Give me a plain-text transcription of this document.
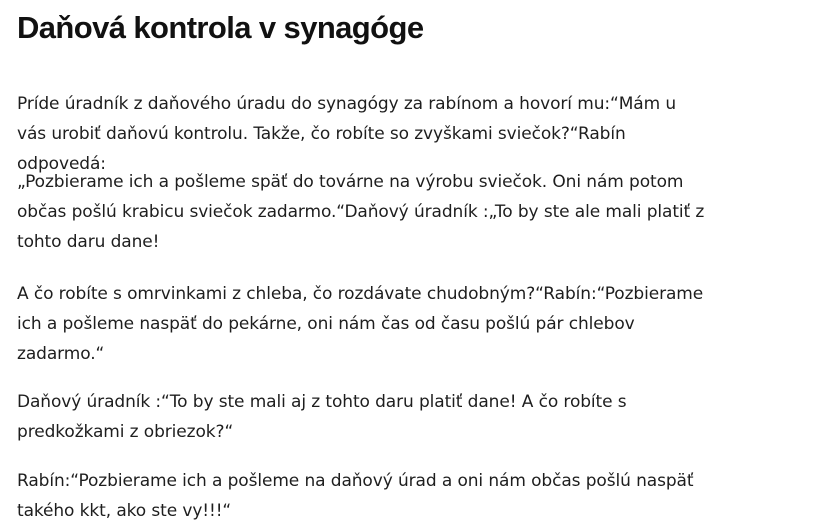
Daňová kontrola v synagóge

Príde úradník z daňového úradu do synagógy za rabínom a hovorí mu:“Mám u vás urobiť daňovú kontrolu. Takže, čo robíte so zvyškami sviečok?“Rabín odpovedá:

„Pozbierame ich a pošleme späť do továrne na výrobu sviečok. Oni nám potom občas pošlú krabicu sviečok zadarmo.“Daňový úradník :„To by ste ale mali platiť z tohto daru dane!

A čo robíte s omrvinkami z chleba, čo rozdávate chudobným?“Rabín:“Pozbierame ich a pošleme naspäť do pekárne, oni nám čas od času pošlú pár chlebov zadarmo.“

Daňový úradník :“To by ste mali aj z tohto daru platiť dane! A čo robíte s predkožkami z obriezok?“

Rabín:“Pozbierame ich a pošleme na daňový úrad a oni nám občas pošlú naspäť takého kkt, ako ste vy!!!“
